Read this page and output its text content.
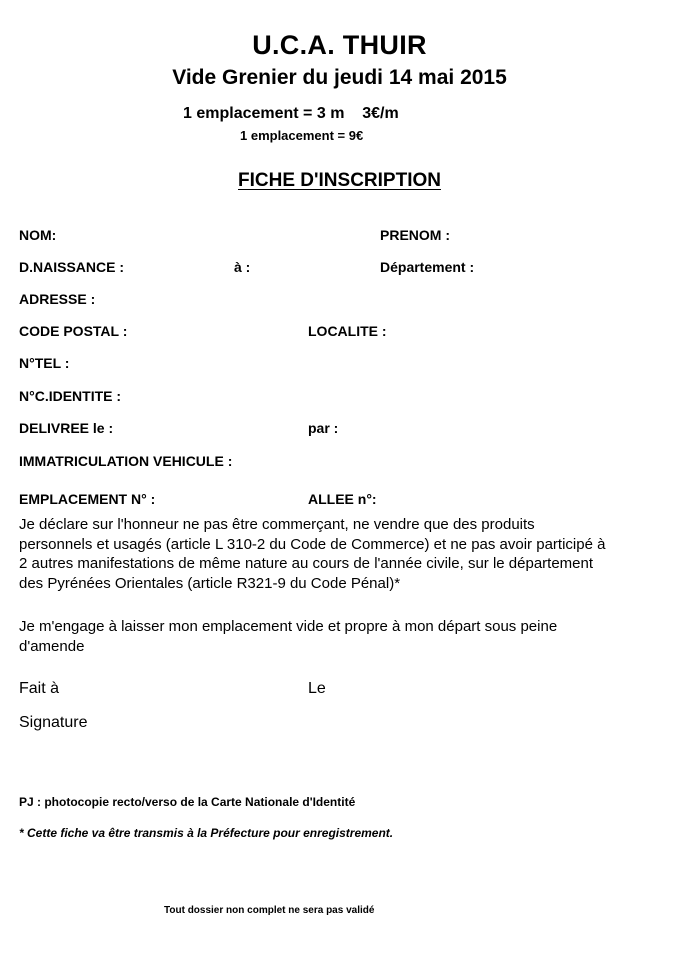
U.C.A. THUIR
Vide Grenier du jeudi 14 mai 2015
1 emplacement = 3 m    3€/m
1 emplacement = 9€
FICHE D'INSCRIPTION
NOM:	PRENOM :
D.NAISSANCE :	à :	Département :
ADRESSE :
CODE POSTAL :	LOCALITE :
N°TEL :
N°C.IDENTITE :
DELIVREE le :	par :
IMMATRICULATION VEHICULE :
EMPLACEMENT N° :	ALLEE n°:
Je déclare sur l'honneur ne pas être commerçant, ne vendre que des produits
personnels et usagés (article L 310-2 du Code de Commerce) et ne pas avoir participé à
2 autres manifestations de même nature au cours de l'année civile, sur le département
des Pyrénées Orientales (article R321-9 du Code Pénal)*
Je m'engage à laisser mon emplacement vide et propre à mon départ sous peine
d'amende
Fait à	Le
Signature
PJ : photocopie recto/verso de la Carte Nationale d'Identité
* Cette fiche va être transmis à la Préfecture pour enregistrement.
Tout dossier non complet ne sera pas validé
